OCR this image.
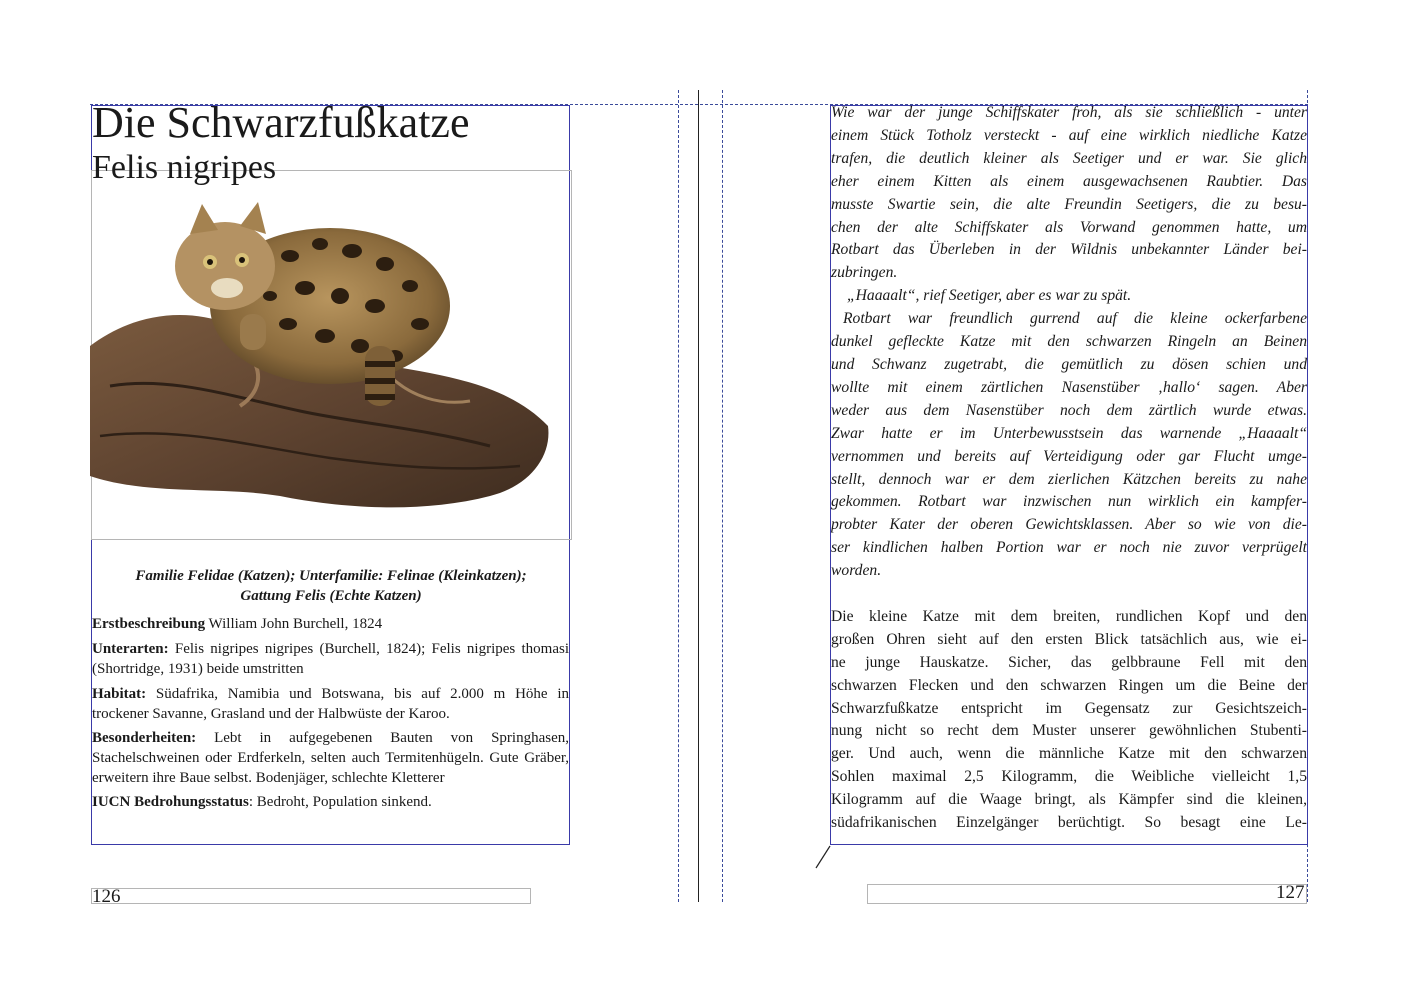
Die Schwarzfußkatze
Felis nigripes
Familie Felidae (Katzen); Unterfamilie: Felinae (Kleinkatzen);
Gattung Felis (Echte Katzen)
Erstbeschreibung William John Burchell, 1824
Unterarten: Felis nigripes nigripes (Burchell, 1824); Felis nigripes thomasi (Shortridge, 1931) beide umstritten
Habitat: Südafrika, Namibia und Botswana, bis auf 2.000 m Höhe in trockener Savanne, Grasland und der Halbwüste der Karoo.
Besonderheiten: Lebt in aufgegebenen Bauten von Springhasen, Stachelschweinen oder Erdferkeln, selten auch Termitenhügeln. Gute Gräber, erweitern ihre Baue selbst. Bodenjäger, schlechte Kletterer
IUCN Bedrohungsstatus: Bedroht, Population sinkend.
126
Wie war der junge Schiffskater froh, als sie schließlich - unter
einem Stück Totholz versteckt - auf eine wirklich niedliche Katze
trafen, die deutlich kleiner als Seetiger und er war. Sie glich
eher einem Kitten als einem ausgewachsenen Raubtier. Das
musste Swartie sein, die alte Freundin Seetigers, die zu besu-
chen der alte Schiffskater als Vorwand genommen hatte, um
Rotbart das Überleben in der Wildnis unbekannter Länder bei-
zubringen.
„Haaaalt“, rief Seetiger, aber es war zu spät.
Rotbart war freundlich gurrend auf die kleine ockerfarbene
dunkel gefleckte Katze mit den schwarzen Ringeln an Beinen
und Schwanz zugetrabt, die gemütlich zu dösen schien und
wollte mit einem zärtlichen Nasenstüber ‚hallo‘ sagen. Aber
weder aus dem Nasenstüber noch dem zärtlich wurde etwas.
Zwar hatte er im Unterbewusstsein das warnende „Haaaalt“
vernommen und bereits auf Verteidigung oder gar Flucht umge-
stellt, dennoch war er dem zierlichen Kätzchen bereits zu nahe
gekommen. Rotbart war inzwischen nun wirklich ein kampfer-
probter Kater der oberen Gewichtsklassen. Aber so wie von die-
ser kindlichen halben Portion war er noch nie zuvor verprügelt
worden.

Die kleine Katze mit dem breiten, rundlichen Kopf und den
großen Ohren sieht auf den ersten Blick tatsächlich aus, wie ei-
ne junge Hauskatze. Sicher, das gelbbraune Fell mit den
schwarzen Flecken und den schwarzen Ringen um die Beine der
Schwarzfußkatze entspricht im Gegensatz zur Gesichtszeich-
nung nicht so recht dem Muster unserer gewöhnlichen Stubenti-
ger. Und auch, wenn die männliche Katze mit den schwarzen
Sohlen maximal 2,5 Kilogramm, die Weibliche vielleicht 1,5
Kilogramm auf die Waage bringt, als Kämpfer sind die kleinen,
südafrikanischen Einzelgänger berüchtigt. So besagt eine Le-
127
